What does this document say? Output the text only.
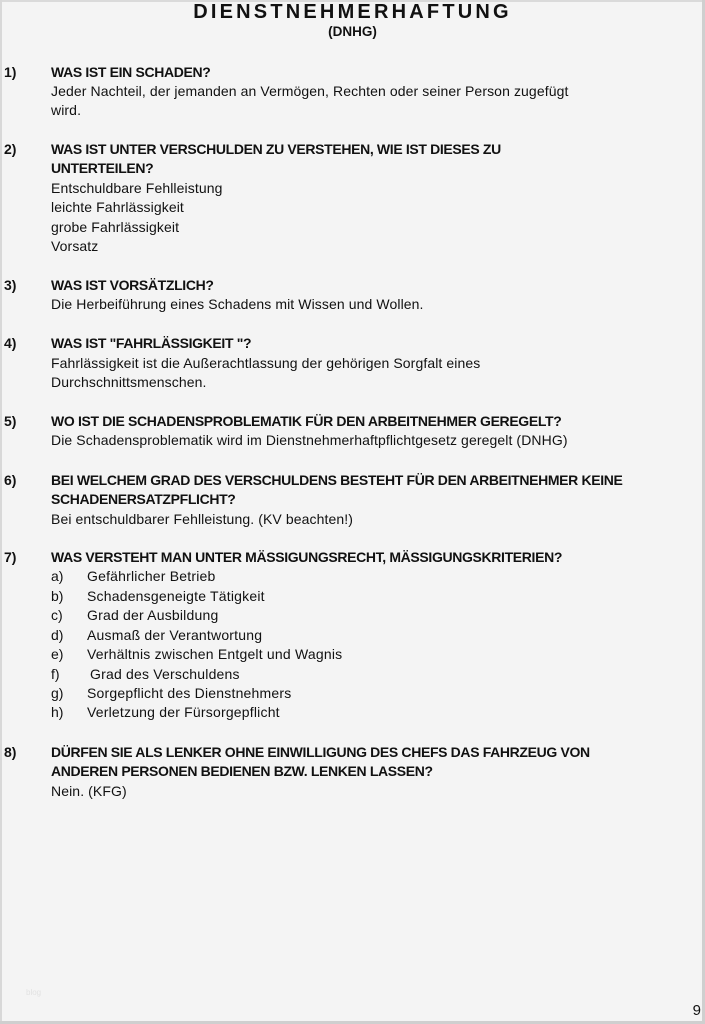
DIENSTNEHMERHAFTUNG
(DNHG)
1) WAS IST EIN SCHADEN?
Jeder Nachteil, der jemanden an Vermögen, Rechten oder seiner Person zugefügt
wird.
2) WAS IST UNTER VERSCHULDEN ZU VERSTEHEN, WIE IST DIESES ZU
UNTERTEILEN?
Entschuldbare Fehlleistung
leichte Fahrlässigkeit
grobe Fahrlässigkeit
Vorsatz
3) WAS IST VORSÄTZLICH?
Die Herbeiführung eines Schadens mit Wissen und Wollen.
4) WAS IST "FAHRLÄSSIGKEIT "?
Fahrlässigkeit ist die Außerachtlassung der gehörigen Sorgfalt eines
Durchschnittsmenschen.
5) WO IST DIE SCHADENSPROBLEMATIK FÜR DEN ARBEITNEHMER GEREGELT?
Die Schadensproblematik wird im Dienstnehmerhaftpflichtgesetz geregelt (DNHG)
6) BEI WELCHEM GRAD DES VERSCHULDENS BESTEHT FÜR DEN ARBEITNEHMER KEINE
SCHADENERSATZPFLICHT?
Bei entschuldbarer Fehlleistung. (KV beachten!)
7) WAS VERSTEHT MAN UNTER MÄSSIGUNGSRECHT, MÄSSIGUNGSKRITERIEN?
a) Gefährlicher Betrieb
b) Schadensgeneigte Tätigkeit
c) Grad der Ausbildung
d) Ausmaß der Verantwortung
e) Verhältnis zwischen Entgelt und Wagnis
f) Grad des Verschuldens
g) Sorgepflicht des Dienstnehmers
h) Verletzung der Fürsorgepflicht
8) DÜRFEN SIE ALS LENKER OHNE EINWILLIGUNG DES CHEFS DAS FAHRZEUG VON
ANDEREN PERSONEN BEDIENEN BZW. LENKEN LASSEN?
Nein. (KFG)
blog
9
